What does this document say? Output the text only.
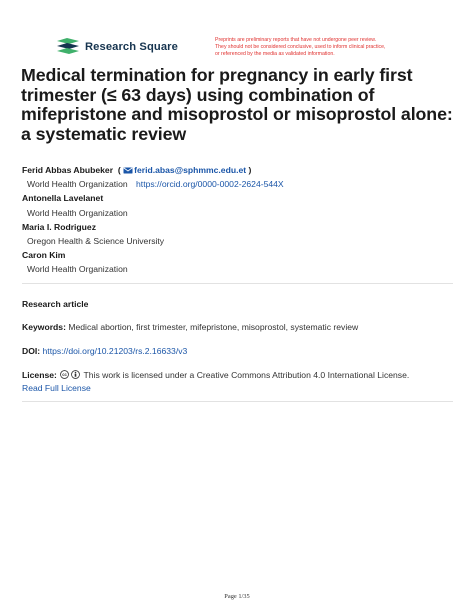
Research Square
Preprints are preliminary reports that have not undergone peer review.
They should not be considered conclusive, used to inform clinical practice,
or referenced by the media as validated information.
Medical termination for pregnancy in early first
trimester (≤ 63 days) using combination of
mifepristone and misoprostol or misoprostol alone:
a systematic review
Ferid Abbas Abubeker  ( ferid.abas@sphmmc.edu.et )
World Health Organization https://orcid.org/0000-0002-2624-544X
Antonella Lavelanet
World Health Organization
Maria I. Rodriguez
Oregon Health & Science University
Caron Kim
World Health Organization
Research article
Keywords: Medical abortion, first trimester, mifepristone, misoprostol, systematic review
DOI: https://doi.org/10.21203/rs.2.16633/v3
License: cc This work is licensed under a Creative Commons Attribution 4.0 International License.
Read Full License
Page 1/35
